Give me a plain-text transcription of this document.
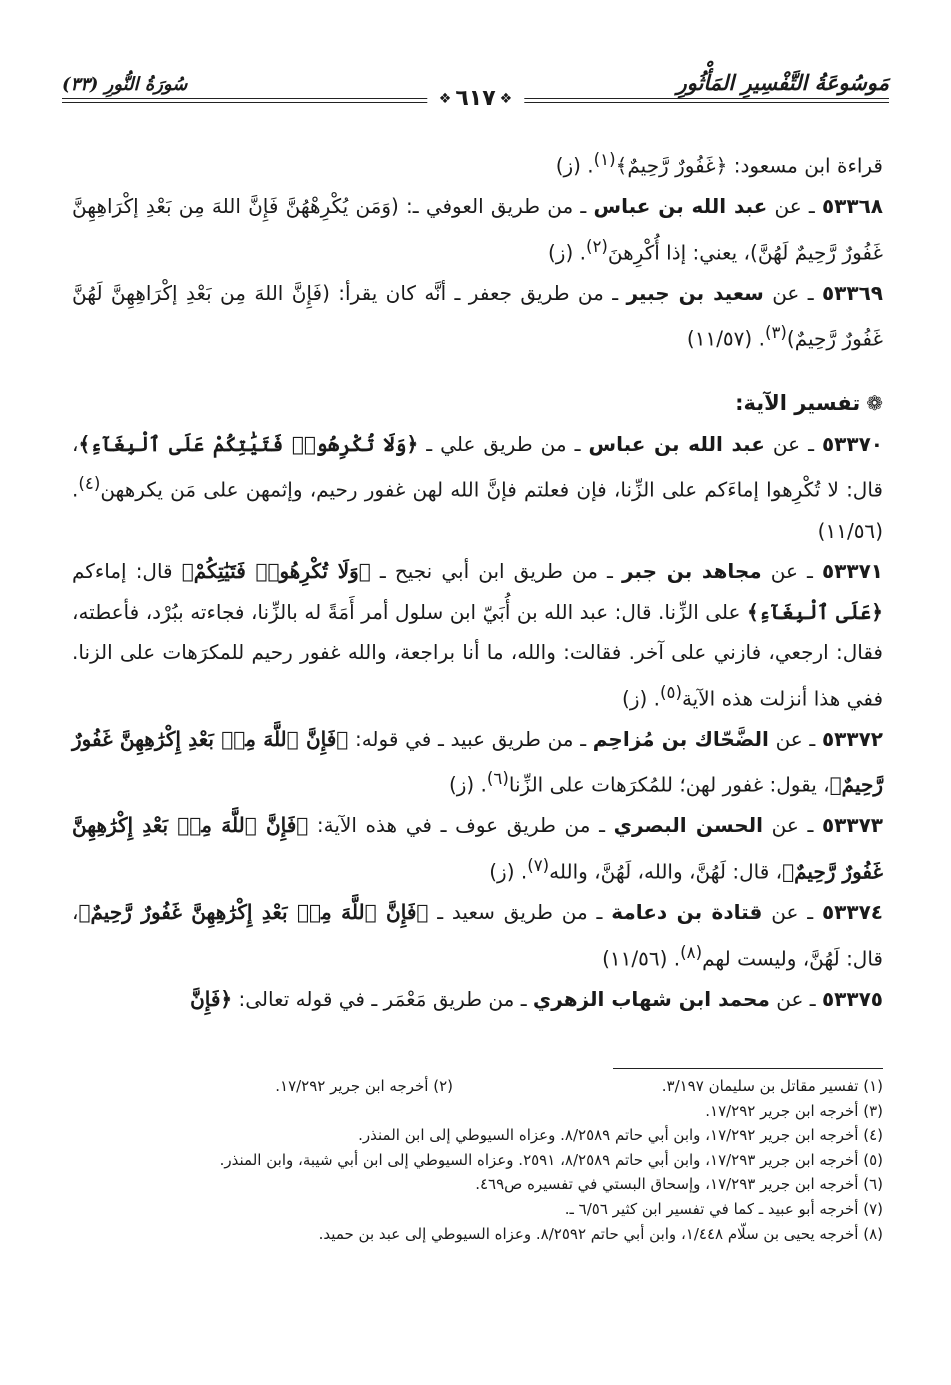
مَوسُوعَةُ التَّفْسِيرِ المَأْثُورِ
سُورَةُ النُّورِ (٣٣)
❖٦١٧❖

قراءة ابن مسعود: ﴿غَفُورٌ رَّحِيمٌ﴾$^{(١)}$. (ز)

٥٣٣٦٨ ـ عن عبد الله بن عباس ـ من طريق العوفي ـ: (وَمَن يُكْرِهْهُنَّ فَإِنَّ اللهَ مِن بَعْدِ إكْرَاهِهِنَّ غَفُورٌ رَّحِيمٌ لَهُنَّ)، يعني: إذا أُكْرِهنَ$^{(٢)}$. (ز)

٥٣٣٦٩ ـ عن سعيد بن جبير ـ من طريق جعفر ـ أنَّه كان يقرأ: (فَإِنَّ اللهَ مِن بَعْدِ إكْرَاهِهِنَّ لَهُنَّ غَفُورٌ رَّحِيمٌ)$^{(٣)}$. (١١/٥٧)

❁تفسير الآية:

٥٣٣٧٠ ـ عن عبد الله بن عباس ـ من طريق علي ـ ﴿وَلَا تُكْرِهُوا۟ فَتَيَٰتِكُمْ عَلَى ٱلْبِغَآءِ﴾، قال: لا تُكْرِهوا إماءَكم على الزِّنا، فإن فعلتم فإنَّ الله لهن غفور رحيم، وإثمهن على مَن يكرههن$^{(٤)}$. (١١/٥٦)

٥٣٣٧١ ـ عن مجاهد بن جبر ـ من طريق ابن أبي نجيح ـ ﴿وَلَا تُكْرِهُوا۟ فَتَيَٰتِكُمْ﴾ قال: إماءكم ﴿عَلَى ٱلْبِغَآءِ﴾ على الزِّنا. قال: عبد الله بن أُبَيّ ابن سلول أمر أَمَةً له بالزِّنا، فجاءته ببُرْد، فأعطته، فقال: ارجعي، فازني على آخر. فقالت: والله، ما أنا براجعة، والله غفور رحيم للمكرَهات على الزنا. ففي هذا أنزلت هذه الآية$^{(٥)}$. (ز)

٥٣٣٧٢ ـ عن الضَّحّاك بن مُزاحِم ـ من طريق عبيد ـ في قوله: ﴿فَإِنَّ ٱللَّهَ مِنۢ بَعْدِ إِكْرَٰهِهِنَّ غَفُورٌ رَّحِيمٌ﴾، يقول: غفور لهن؛ للمُكرَهات على الزِّنا$^{(٦)}$. (ز)

٥٣٣٧٣ ـ عن الحسن البصري ـ من طريق عوف ـ في هذه الآية: ﴿فَإِنَّ ٱللَّهَ مِنۢ بَعْدِ إِكْرَٰهِهِنَّ غَفُورٌ رَّحِيمٌ﴾، قال: لَهُنَّ، والله، لَهُنَّ، والله$^{(٧)}$. (ز)

٥٣٣٧٤ ـ عن قتادة بن دعامة ـ من طريق سعيد ـ ﴿فَإِنَّ ٱللَّهَ مِنۢ بَعْدِ إِكْرَٰهِهِنَّ غَفُورٌ رَّحِيمٌ﴾، قال: لَهُنَّ، وليست لهم$^{(٨)}$. (١١/٥٦)

٥٣٣٧٥ ـ عن محمد ابن شهاب الزهري ـ من طريق مَعْمَر ـ في قوله تعالى: ﴿فَإِنَّ

(١) تفسير مقاتل بن سليمان ٣/١٩٧.
(٢) أخرجه ابن جرير ١٧/٢٩٢.

(٣) أخرجه ابن جرير ١٧/٢٩٢.

(٤) أخرجه ابن جرير ١٧/٢٩٢، وابن أبي حاتم ٨/٢٥٨٩. وعزاه السيوطي إلى ابن المنذر.

(٥) أخرجه ابن جرير ١٧/٢٩٣، وابن أبي حاتم ٨/٢٥٨٩، ٢٥٩١. وعزاه السيوطي إلى ابن أبي شيبة، وابن المنذر.

(٦) أخرجه ابن جرير ١٧/٢٩٣، وإسحاق البستي في تفسيره ص٤٦٩.

(٧) أخرجه أبو عبيد ـ كما في تفسير ابن كثير ٦/٥٦ ـ.

(٨) أخرجه يحيى بن سلّام ١/٤٤٨، وابن أبي حاتم ٨/٢٥٩٢. وعزاه السيوطي إلى عبد بن حميد.
